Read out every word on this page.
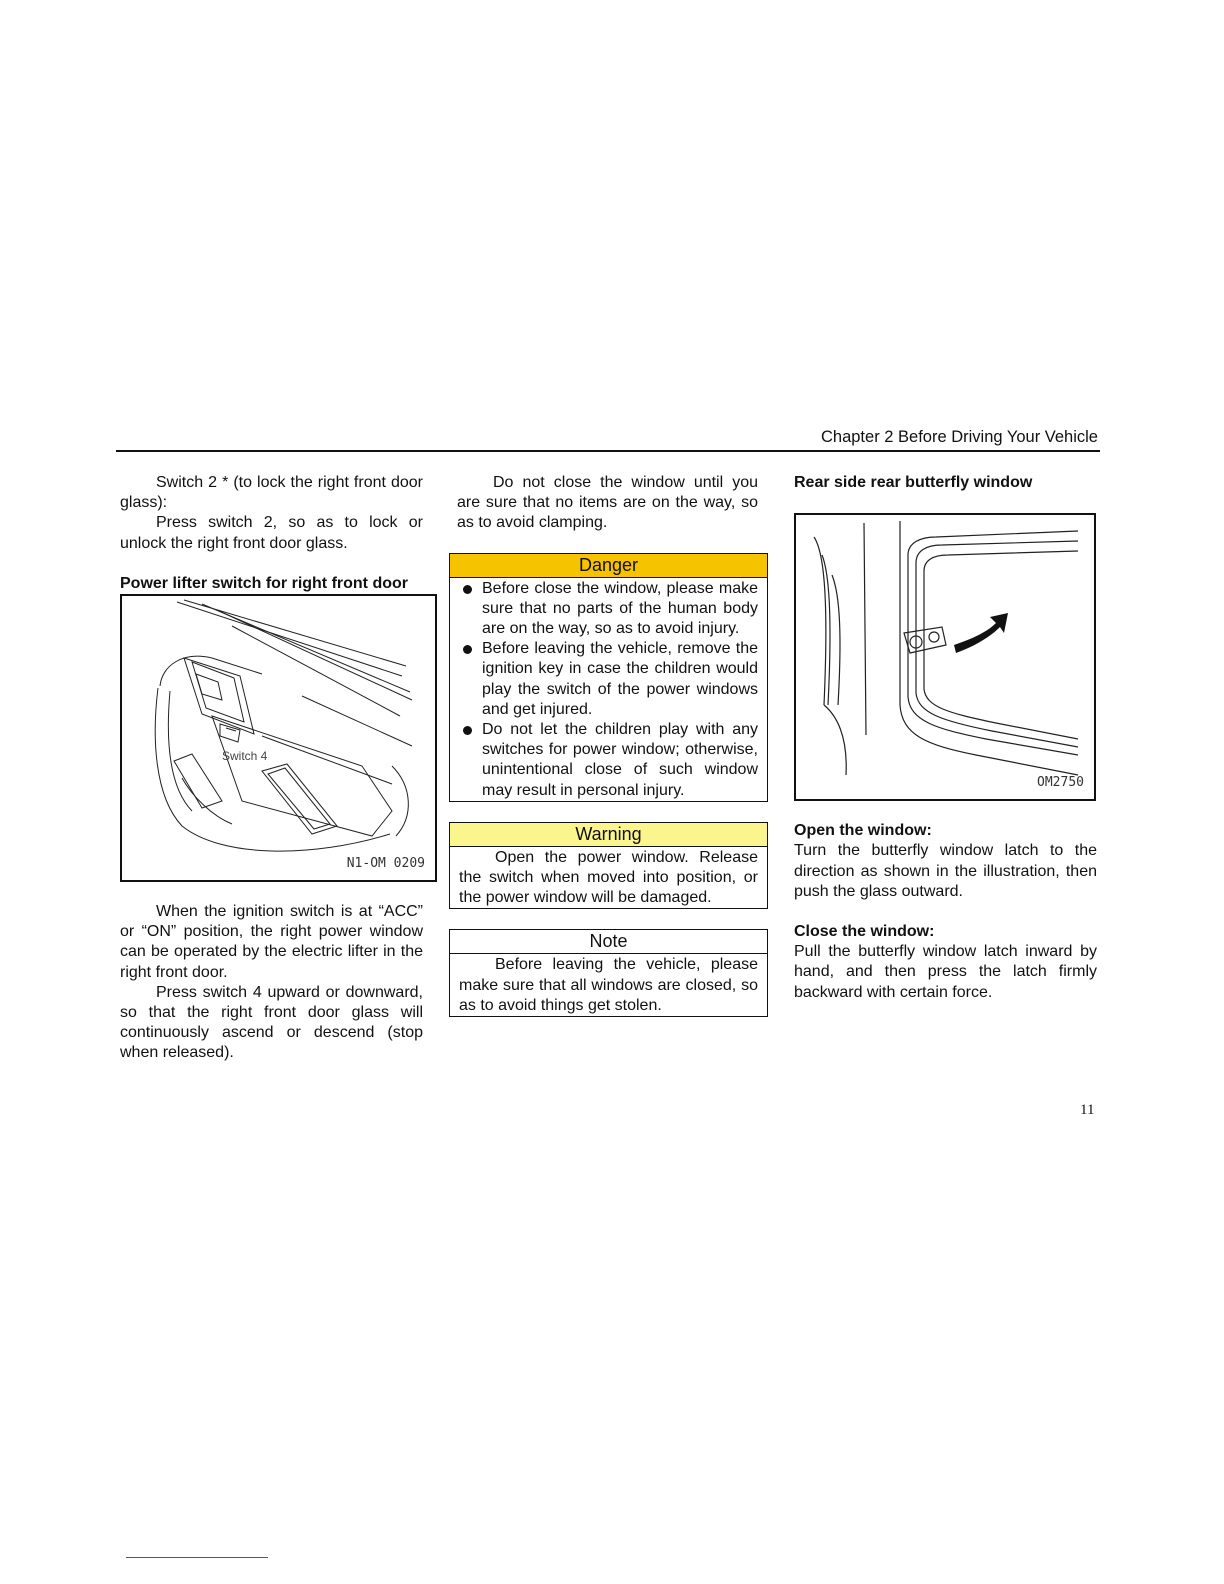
Chapter 2 Before Driving Your Vehicle

Switch 2 * (to lock the right front door glass):

Press switch 2, so as to lock or unlock the right front door glass.

Power lifter switch for right front door

Switch 4
N1-OM 0209

When the ignition switch is at “ACC” or “ON” position, the right power window can be operated by the electric lifter in the right front door.

Press switch 4 upward or downward, so that the right front door glass will continuously ascend or descend (stop when released).

Do not close the window until you are sure that no items are on the way, so as to avoid clamping.

Danger
Before close the window, please make sure that no parts of the human body are on the way, so as to avoid injury.
Before leaving the vehicle, remove the ignition key in case the children would play the switch of the power windows and get injured.
Do not let the children play with any switches for power window; otherwise, unintentional close of such window may result in personal injury.
Warning
Open the power window. Release the switch when moved into position, or the power window will be damaged.
Note
Before leaving the vehicle, please make sure that all windows are closed, so as to avoid things get stolen.

Rear side rear butterfly window

OM2750

Open the window:

Turn the butterfly window latch to the direction as shown in the illustration, then push the glass outward.

Close the window:

Pull the butterfly window latch inward by hand, and then press the latch firmly backward with certain force.

11
